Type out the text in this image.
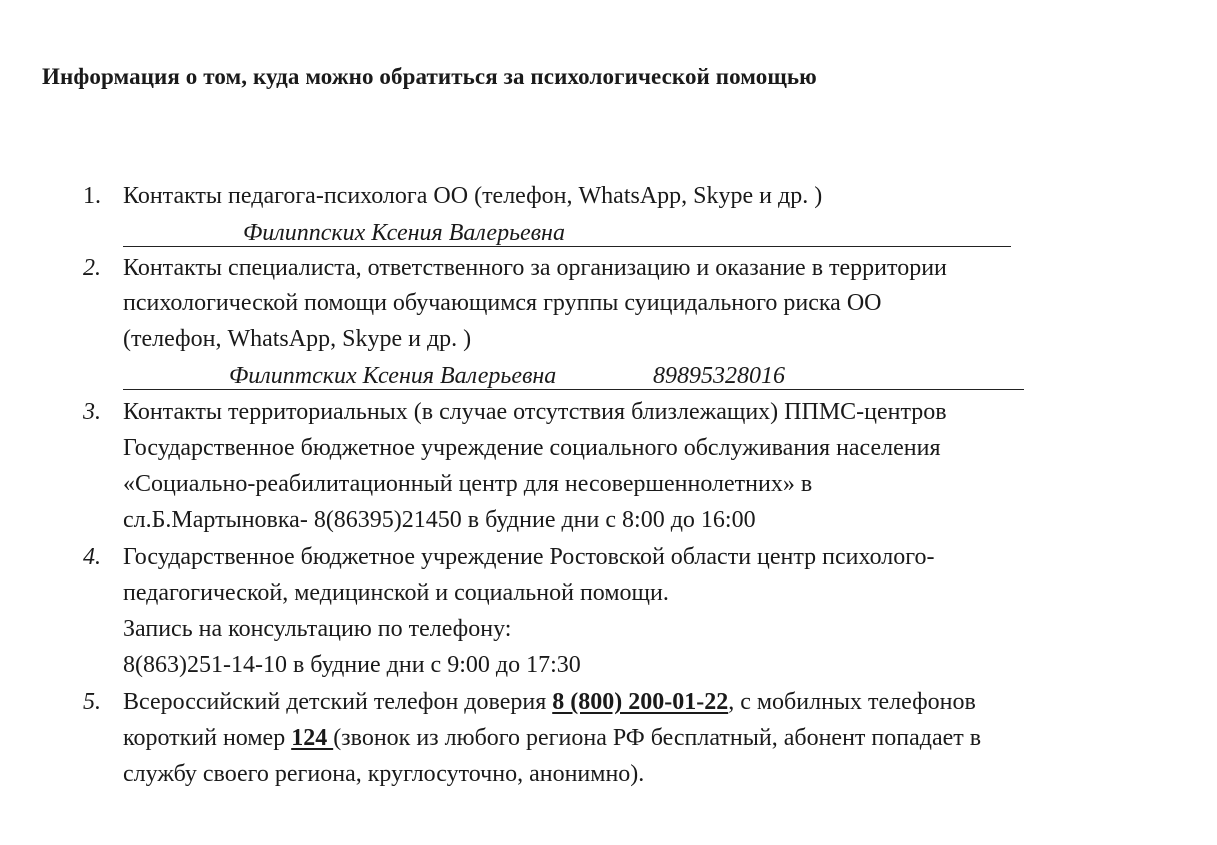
Информация о том, куда можно обратиться за психологической помощью
1. Контакты педагога-психолога ОО (телефон, WhatsApp, Skype и др. )
Филиппских Ксения Валерьевна
2. Контакты специалиста, ответственного за организацию и оказание в территории
психологической помощи обучающимся группы суицидального риска ОО
(телефон, WhatsApp, Skype и др. )
Филиптских Ксения Валерьевна	89895328016
3. Контакты территориальных (в случае отсутствия близлежащих) ППМС-центров
Государственное бюджетное учреждение социального обслуживания населения
«Социально-реабилитационный центр для несовершеннолетних» в
сл.Б.Мартыновка- 8(86395)21450 в будние дни с 8:00 до 16:00
4. Государственное бюджетное учреждение Ростовской области центр психолого-
педагогической, медицинской и социальной помощи.
Запись на консультацию по телефону:
8(863)251-14-10 в будние дни с 9:00 до 17:30
5. Всероссийский детский телефон доверия 8 (800) 200-01-22, с мобилных телефонов
короткий номер 124 (звонок из любого региона РФ бесплатный, абонент попадает в
службу своего региона, круглосуточно, анонимно).
